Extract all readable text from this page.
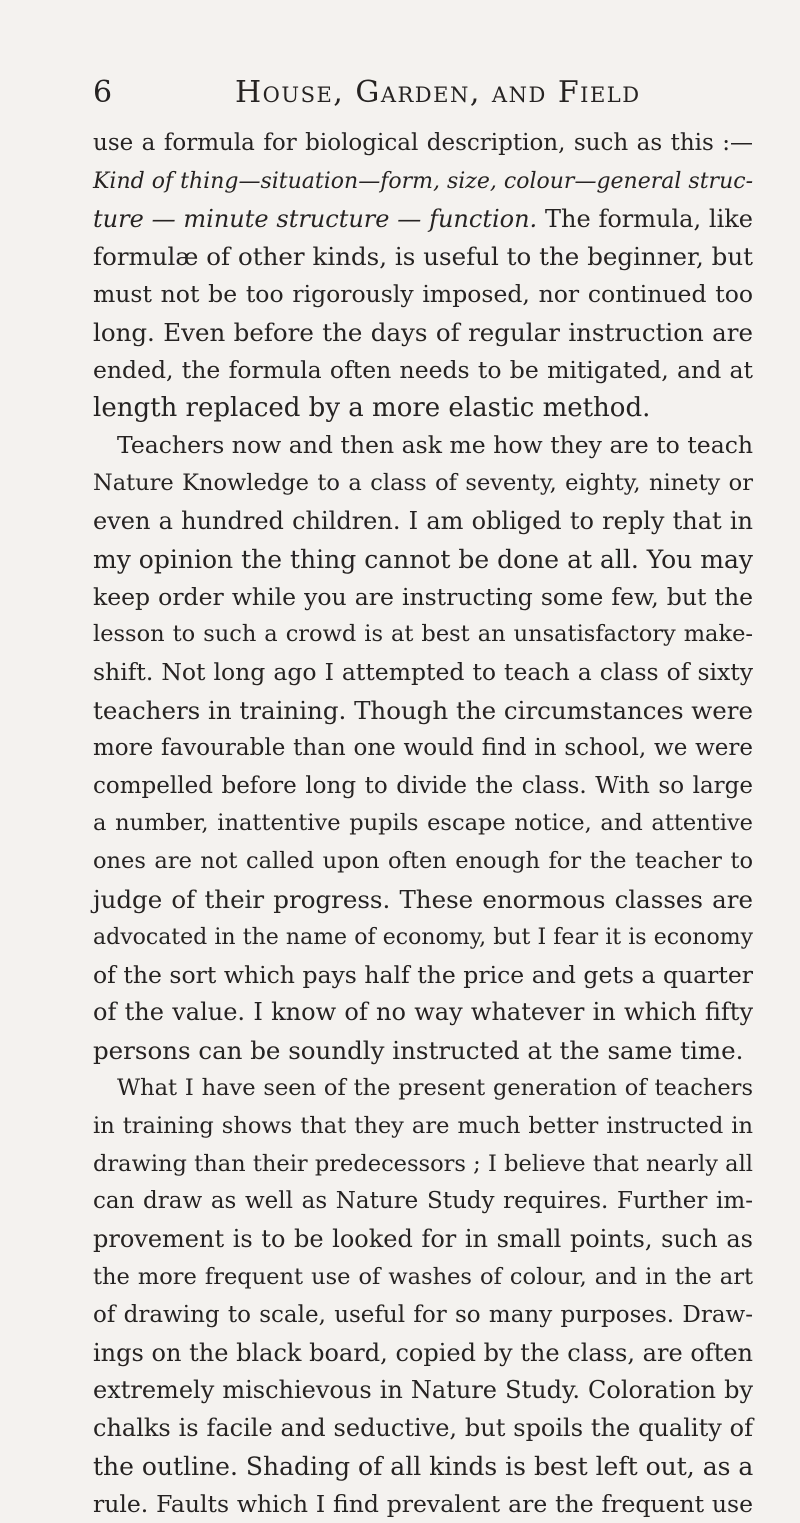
6	House, Garden, and Field
use a formula for biological description, such as this :—
Kind of thing—situation—form, size, colour—general struc-
ture — minute structure — function. The formula, like
formulæ of other kinds, is useful to the beginner, but
must not be too rigorously imposed, nor continued too
long. Even before the days of regular instruction are
ended, the formula often needs to be mitigated, and at
length replaced by a more elastic method.
Teachers now and then ask me how they are to teach
Nature Knowledge to a class of seventy, eighty, ninety or
even a hundred children. I am obliged to reply that in
my opinion the thing cannot be done at all. You may
keep order while you are instructing some few, but the
lesson to such a crowd is at best an unsatisfactory make-
shift. Not long ago I attempted to teach a class of sixty
teachers in training. Though the circumstances were
more favourable than one would find in school, we were
compelled before long to divide the class. With so large
a number, inattentive pupils escape notice, and attentive
ones are not called upon often enough for the teacher to
judge of their progress. These enormous classes are
advocated in the name of economy, but I fear it is economy
of the sort which pays half the price and gets a quarter
of the value. I know of no way whatever in which fifty
persons can be soundly instructed at the same time.
What I have seen of the present generation of teachers
in training shows that they are much better instructed in
drawing than their predecessors ; I believe that nearly all
can draw as well as Nature Study requires. Further im-
provement is to be looked for in small points, such as
the more frequent use of washes of colour, and in the art
of drawing to scale, useful for so many purposes. Draw-
ings on the black board, copied by the class, are often
extremely mischievous in Nature Study. Coloration by
chalks is facile and seductive, but spoils the quality of
the outline. Shading of all kinds is best left out, as a
rule. Faults which I find prevalent are the frequent use
